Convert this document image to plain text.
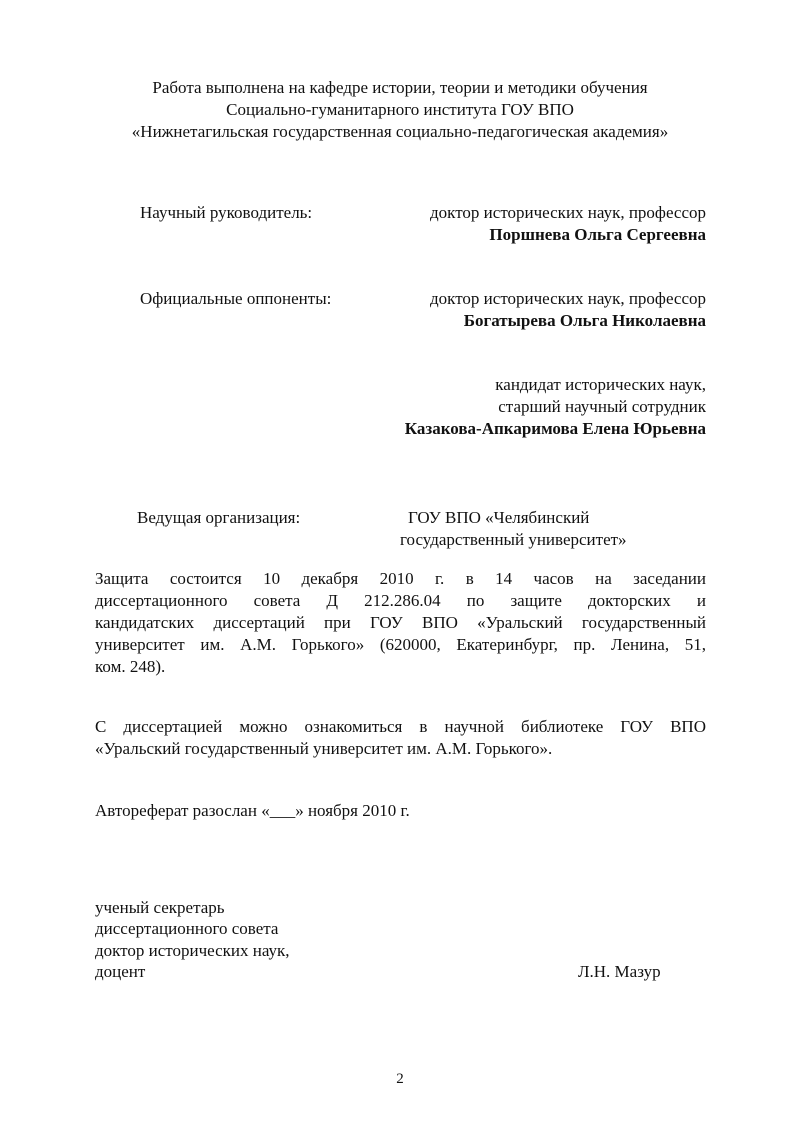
Работа выполнена на кафедре истории, теории и методики обучения
Социально-гуманитарного института ГОУ ВПО
«Нижнетагильская государственная социально-педагогическая академия»
Научный руководитель:	доктор исторических наук, профессор
Поршнева Ольга Сергеевна
Официальные оппоненты:	доктор исторических наук, профессор
Богатырева Ольга Николаевна
кандидат исторических наук,
старший научный сотрудник
Казакова-Апкаримова Елена Юрьевна
Ведущая организация:	ГОУ ВПО «Челябинский
государственный университет»
Защита состоится 10 декабря 2010 г. в 14 часов на заседании
диссертационного совета Д 212.286.04 по защите докторских и
кандидатских диссертаций при ГОУ ВПО «Уральский государственный
университет им. А.М. Горького» (620000, Екатеринбург, пр. Ленина, 51,
ком. 248).
С диссертацией можно ознакомиться в научной библиотеке ГОУ ВПО
«Уральский государственный университет им. А.М. Горького».
Автореферат разослан «___» ноября 2010 г.
ученый секретарь
диссертационного совета
доктор исторических наук,
доцент	Л.Н. Мазур
2
